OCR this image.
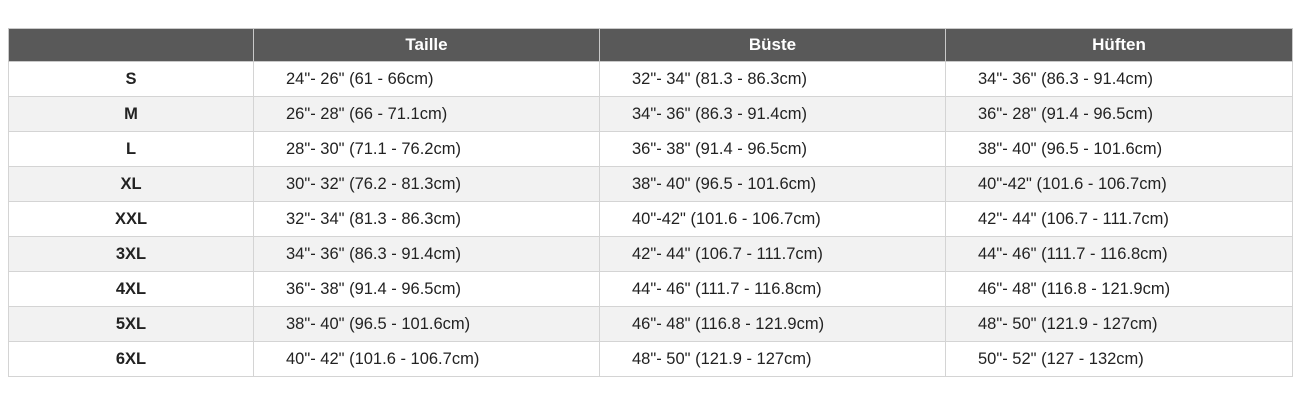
	Taille	Büste	Hüften
S	24"- 26" (61 - 66cm)	32"- 34" (81.3 - 86.3cm)	34"- 36" (86.3 - 91.4cm)
M	26"- 28" (66 - 71.1cm)	34"- 36" (86.3 - 91.4cm)	36"- 28" (91.4 - 96.5cm)
L	28"- 30" (71.1 - 76.2cm)	36"- 38" (91.4 - 96.5cm)	38"- 40" (96.5 - 101.6cm)
XL	30"- 32" (76.2 - 81.3cm)	38"- 40" (96.5 - 101.6cm)	40"-42" (101.6 - 106.7cm)
XXL	32"- 34" (81.3 - 86.3cm)	40"-42" (101.6 - 106.7cm)	42"- 44" (106.7 - 111.7cm)
3XL	34"- 36" (86.3 - 91.4cm)	42"- 44" (106.7 - 111.7cm)	44"- 46" (111.7 - 116.8cm)
4XL	36"- 38" (91.4 - 96.5cm)	44"- 46" (111.7 - 116.8cm)	46"- 48" (116.8 - 121.9cm)
5XL	38"- 40" (96.5 - 101.6cm)	46"- 48" (116.8 - 121.9cm)	48"- 50" (121.9 - 127cm)
6XL	40"- 42" (101.6 - 106.7cm)	48"- 50" (121.9 - 127cm)	50"- 52" (127 - 132cm)
